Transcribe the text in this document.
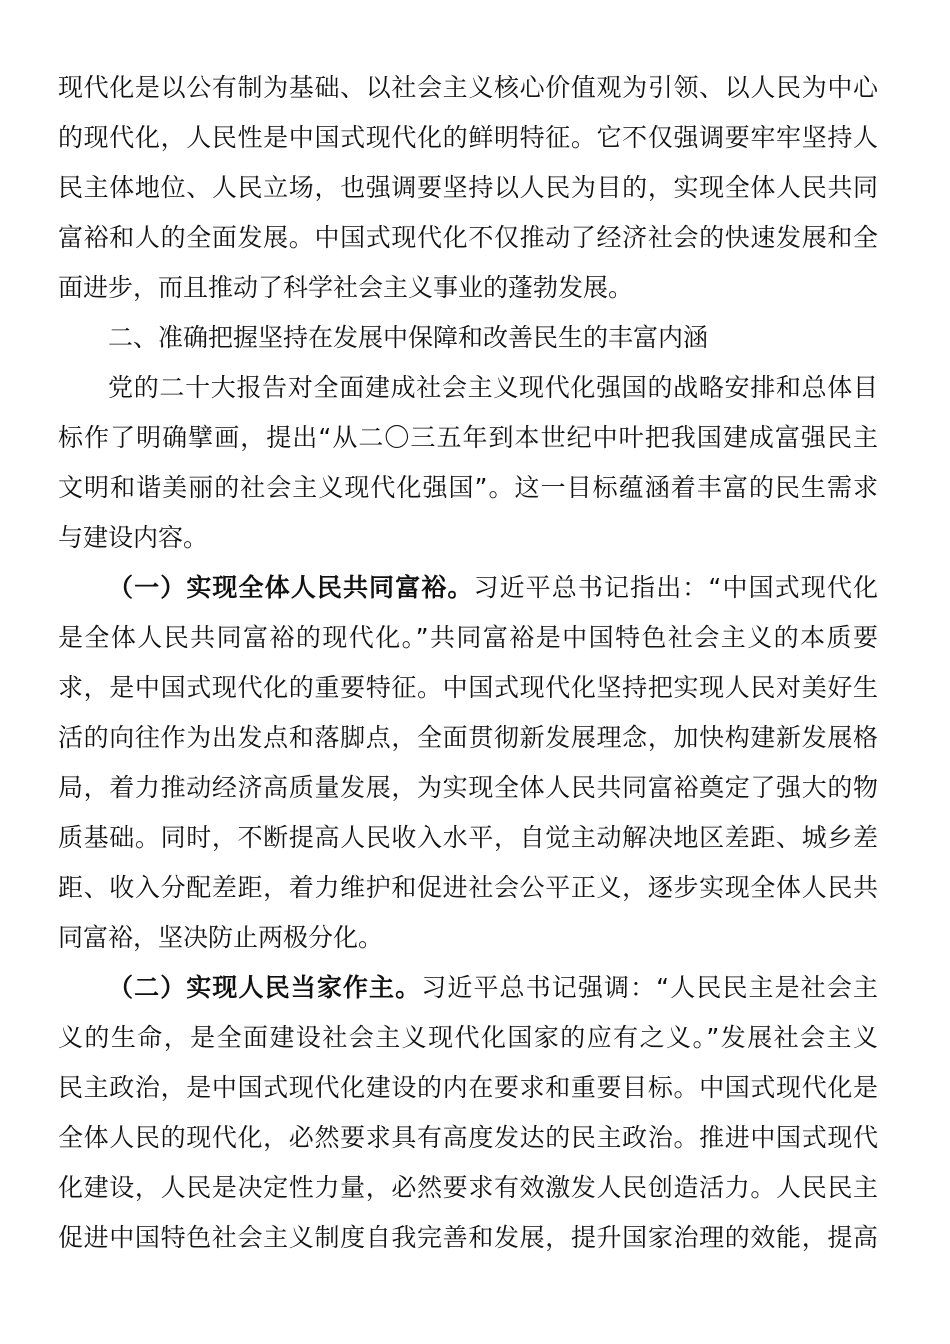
现代化是以公有制为基础、以社会主义核心价值观为引领、以人民为中心
的现代化，人民性是中国式现代化的鲜明特征。它不仅强调要牢牢坚持人
民主体地位、人民立场，也强调要坚持以人民为目的，实现全体人民共同
富裕和人的全面发展。中国式现代化不仅推动了经济社会的快速发展和全
面进步，而且推动了科学社会主义事业的蓬勃发展。
二、准确把握坚持在发展中保障和改善民生的丰富内涵
党的二十大报告对全面建成社会主义现代化强国的战略安排和总体目
标作了明确擘画，提出“从二〇三五年到本世纪中叶把我国建成富强民主
文明和谐美丽的社会主义现代化强国”。这一目标蕴涵着丰富的民生需求
与建设内容。
（一）实现全体人民共同富裕。习近平总书记指出：“中国式现代化
是全体人民共同富裕的现代化。”共同富裕是中国特色社会主义的本质要
求，是中国式现代化的重要特征。中国式现代化坚持把实现人民对美好生
活的向往作为出发点和落脚点，全面贯彻新发展理念，加快构建新发展格
局，着力推动经济高质量发展，为实现全体人民共同富裕奠定了强大的物
质基础。同时，不断提高人民收入水平，自觉主动解决地区差距、城乡差
距、收入分配差距，着力维护和促进社会公平正义，逐步实现全体人民共
同富裕，坚决防止两极分化。
（二）实现人民当家作主。习近平总书记强调：“人民民主是社会主
义的生命，是全面建设社会主义现代化国家的应有之义。”发展社会主义
民主政治，是中国式现代化建设的内在要求和重要目标。中国式现代化是
全体人民的现代化，必然要求具有高度发达的民主政治。推进中国式现代
化建设，人民是决定性力量，必然要求有效激发人民创造活力。人民民主
促进中国特色社会主义制度自我完善和发展，提升国家治理的效能，提高
